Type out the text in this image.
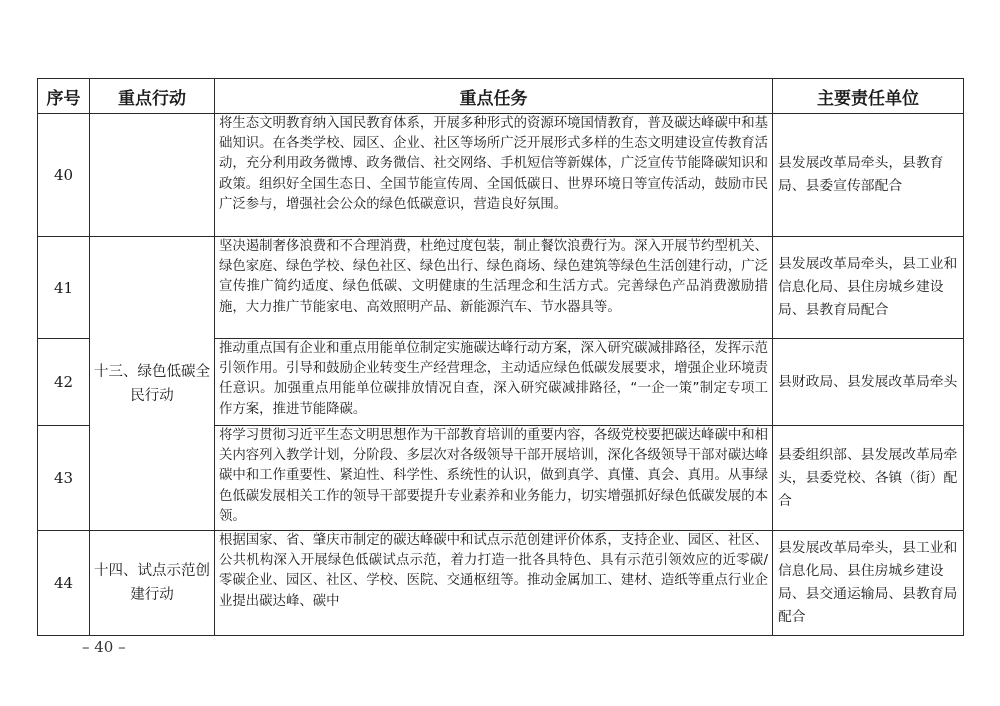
序号	重点行动	重点任务	主要责任单位
40		将生态文明教育纳入国民教育体系，开展多种形式的资源环境国情教育，普及碳达峰碳中和基础知识。在各类学校、园区、企业、社区等场所广泛开展形式多样的生态文明建设宣传教育活动，充分利用政务微博、政务微信、社交网络、手机短信等新媒体，广泛宣传节能降碳知识和政策。组织好全国生态日、全国节能宣传周、全国低碳日、世界环境日等宣传活动，鼓励市民广泛参与，增强社会公众的绿色低碳意识，营造良好氛围。	县发展改革局牵头，县教育局、县委宣传部配合
41	十三、绿色低碳全民行动	坚决遏制奢侈浪费和不合理消费，杜绝过度包装，制止餐饮浪费行为。深入开展节约型机关、绿色家庭、绿色学校、绿色社区、绿色出行、绿色商场、绿色建筑等绿色生活创建行动，广泛宣传推广简约适度、绿色低碳、文明健康的生活理念和生活方式。完善绿色产品消费激励措施，大力推广节能家电、高效照明产品、新能源汽车、节水器具等。	县发展改革局牵头，县工业和信息化局、县住房城乡建设局、县教育局配合
42		推动重点国有企业和重点用能单位制定实施碳达峰行动方案，深入研究碳减排路径，发挥示范引领作用。引导和鼓励企业转变生产经营理念，主动适应绿色低碳发展要求，增强企业环境责任意识。加强重点用能单位碳排放情况自查，深入研究碳减排路径，“一企一策”制定专项工作方案，推进节能降碳。	县财政局、县发展改革局牵头
43		将学习贯彻习近平生态文明思想作为干部教育培训的重要内容，各级党校要把碳达峰碳中和相关内容列入教学计划，分阶段、多层次对各级领导干部开展培训，深化各级领导干部对碳达峰碳中和工作重要性、紧迫性、科学性、系统性的认识，做到真学、真懂、真会、真用。从事绿色低碳发展相关工作的领导干部要提升专业素养和业务能力，切实增强抓好绿色低碳发展的本领。	县委组织部、县发展改革局牵头，县委党校、各镇（街）配合
44	十四、试点示范创建行动	根据国家、省、肇庆市制定的碳达峰碳中和试点示范创建评价体系，支持企业、园区、社区、公共机构深入开展绿色低碳试点示范，着力打造一批各具特色、具有示范引领效应的近零碳/零碳企业、园区、社区、学校、医院、交通枢纽等。推动金属加工、建材、造纸等重点行业企业提出碳达峰、碳中	县发展改革局牵头，县工业和信息化局、县住房城乡建设局、县交通运输局、县教育局配合
– 40 –
